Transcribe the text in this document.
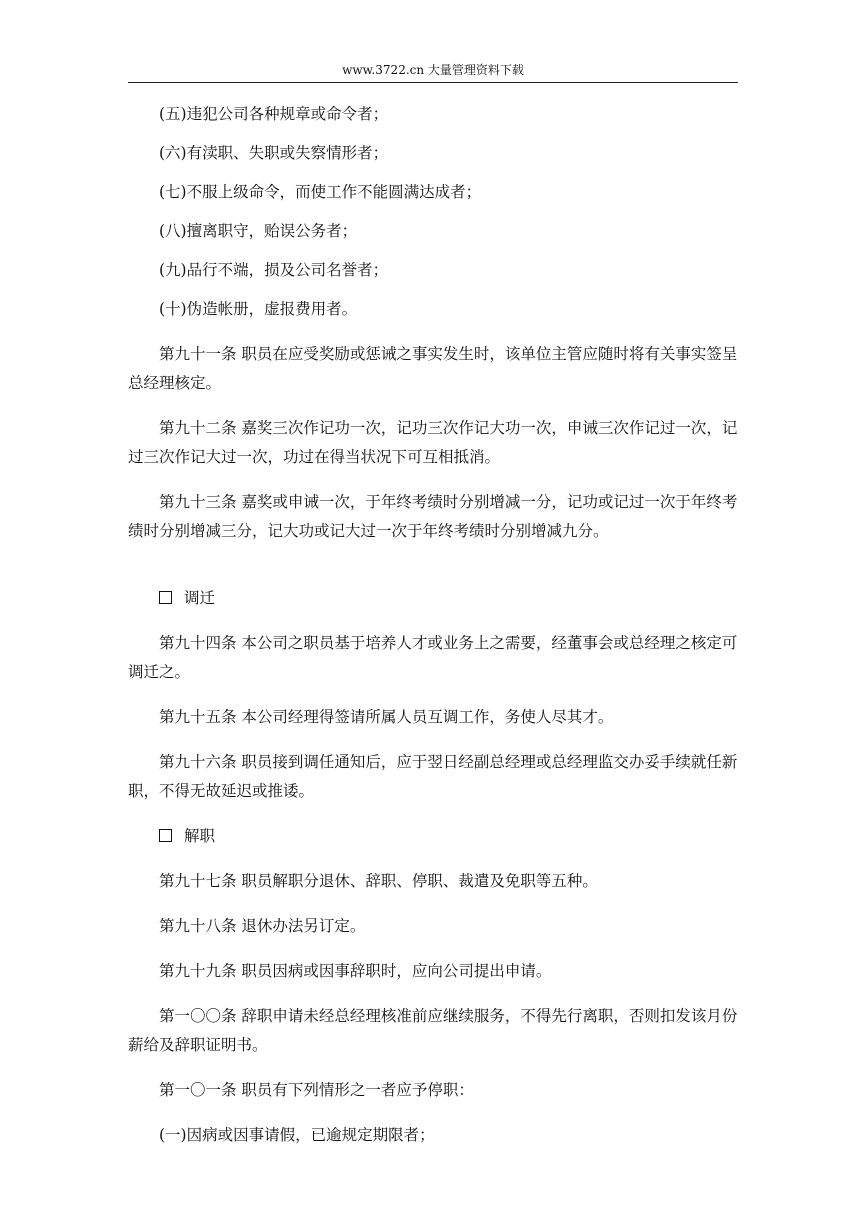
www.3722.cn 大量管理资料下载

(五)违犯公司各种规章或命令者；

(六)有渎职、失职或失察情形者；

(七)不服上级命令，而使工作不能圆满达成者；

(八)擅离职守，贻误公务者；

(九)品行不端，损及公司名誉者；

(十)伪造帐册，虚报费用者。

第九十一条 职员在应受奖励或惩诫之事实发生时，该单位主管应随时将有关事实签呈总经理核定。

第九十二条 嘉奖三次作记功一次，记功三次作记大功一次，申诫三次作记过一次，记过三次作记大过一次，功过在得当状况下可互相抵消。

第九十三条 嘉奖或申诫一次，于年终考绩时分别增减一分，记功或记过一次于年终考绩时分别增减三分，记大功或记大过一次于年终考绩时分别增减九分。

调迁

第九十四条 本公司之职员基于培养人才或业务上之需要，经董事会或总经理之核定可调迁之。

第九十五条 本公司经理得签请所属人员互调工作，务使人尽其才。

第九十六条 职员接到调任通知后，应于翌日经副总经理或总经理监交办妥手续就任新职，不得无故延迟或推诿。

解职

第九十七条 职员解职分退休、辞职、停职、裁遣及免职等五种。

第九十八条 退休办法另订定。

第九十九条 职员因病或因事辞职时，应向公司提出申请。

第一〇〇条 辞职申请未经总经理核准前应继续服务，不得先行离职，否则扣发该月份薪给及辞职证明书。

第一〇一条 职员有下列情形之一者应予停职：

(一)因病或因事请假，已逾规定期限者；
